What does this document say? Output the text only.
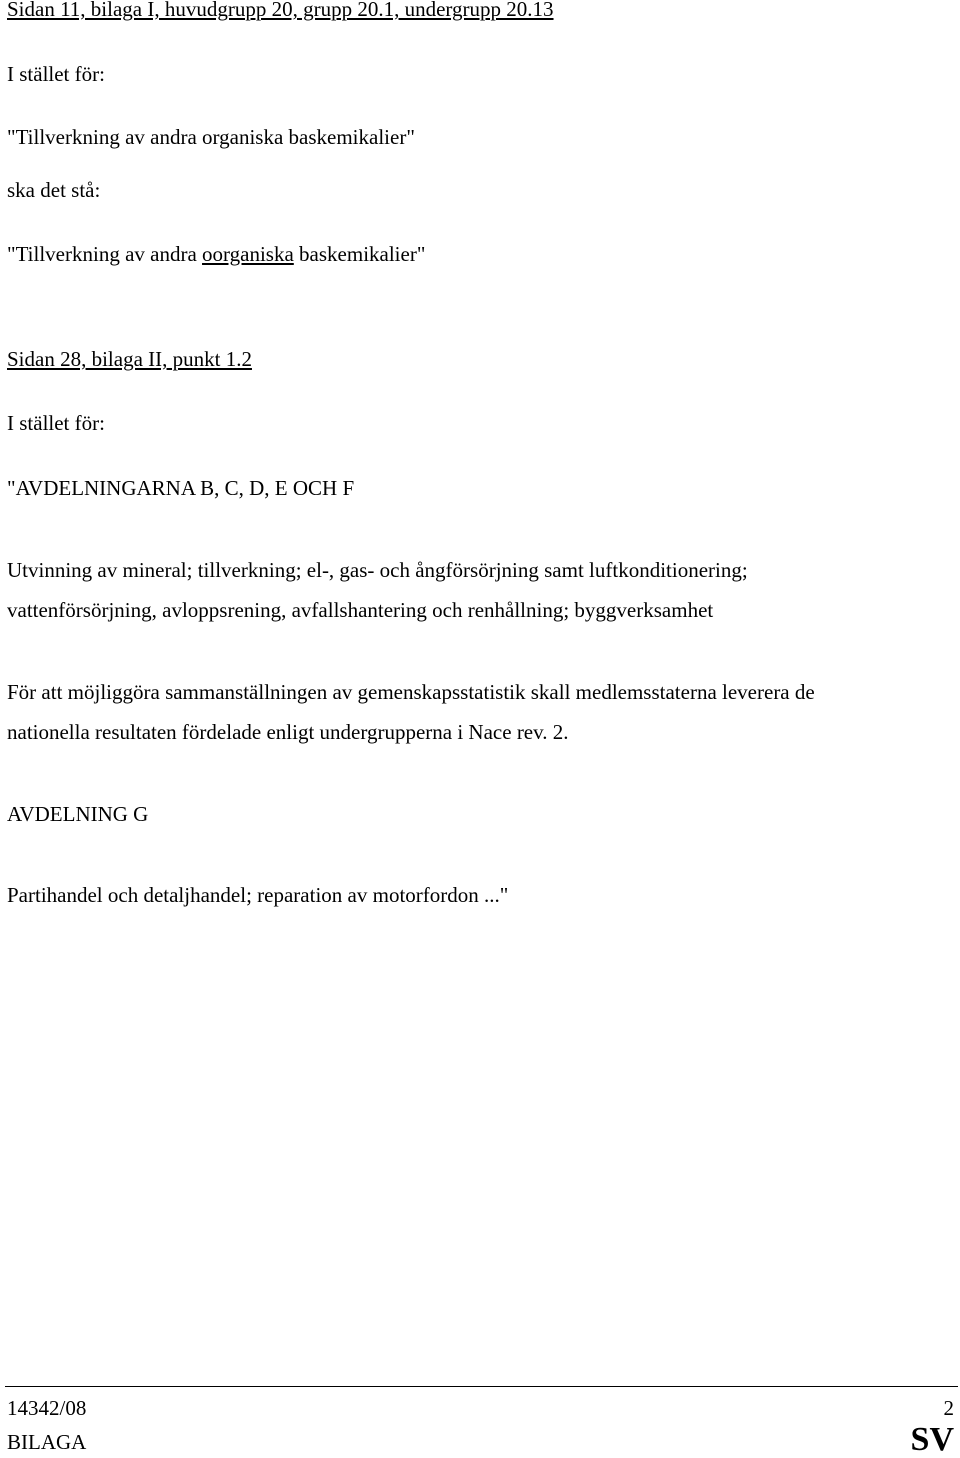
Sidan 11, bilaga I, huvudgrupp 20, grupp 20.1, undergrupp 20.13
I stället för:
"Tillverkning av andra organiska baskemikalier"
ska det stå:
"Tillverkning av andra oorganiska baskemikalier"
Sidan 28, bilaga II, punkt 1.2
I stället för:
"AVDELNINGARNA B, C, D, E OCH F
Utvinning av mineral; tillverkning; el-, gas- och ångförsörjning samt luftkonditionering;
vattenförsörjning, avloppsrening, avfallshantering och renhållning; byggverksamhet
För att möjliggöra sammanställningen av gemenskapsstatistik skall medlemsstaterna leverera de
nationella resultaten fördelade enligt undergrupperna i Nace rev. 2.
AVDELNING G
Partihandel och detaljhandel; reparation av motorfordon ..."
14342/08	2
BILAGA	SV
